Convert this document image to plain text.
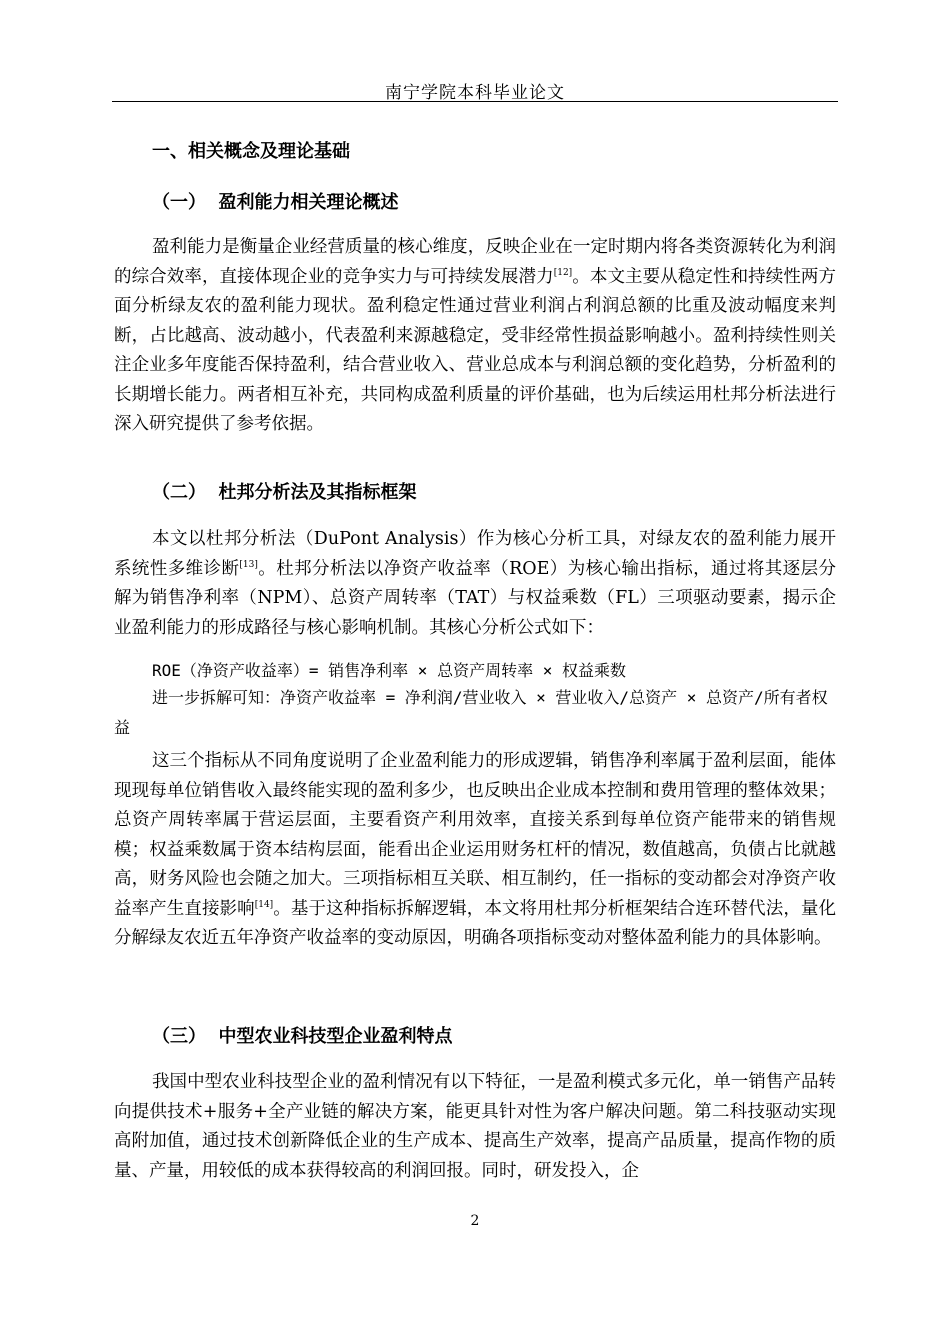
南宁学院本科毕业论文
一、相关概念及理论基础
（一）  盈利能力相关理论概述
盈利能力是衡量企业经营质量的核心维度，反映企业在一定时期内将各类资源转化为利润的综合效率，直接体现企业的竞争实力与可持续发展潜力[12]。本文主要从稳定性和持续性两方面分析绿友农的盈利能力现状。盈利稳定性通过营业利润占利润总额的比重及波动幅度来判断，占比越高、波动越小，代表盈利来源越稳定，受非经常性损益影响越小。盈利持续性则关注企业多年度能否保持盈利，结合营业收入、营业总成本与利润总额的变化趋势，分析盈利的长期增长能力。两者相互补充，共同构成盈利质量的评价基础，也为后续运用杜邦分析法进行深入研究提供了参考依据。
（二）  杜邦分析法及其指标框架
本文以杜邦分析法（DuPont Analysis）作为核心分析工具，对绿友农的盈利能力展开系统性多维诊断[13]。杜邦分析法以净资产收益率（ROE）为核心输出指标，通过将其逐层分解为销售净利率（NPM）、总资产周转率（TAT）与权益乘数（FL）三项驱动要素，揭示企业盈利能力的形成路径与核心影响机制。其核心分析公式如下：
ROE（净资产收益率）= 销售净利率 × 总资产周转率 × 权益乘数
进一步拆解可知：净资产收益率 = 净利润/营业收入 × 营业收入/总资产 × 总资产/所有者权益
这三个指标从不同角度说明了企业盈利能力的形成逻辑，销售净利率属于盈利层面，能体现现每单位销售收入最终能实现的盈利多少，也反映出企业成本控制和费用管理的整体效果；总资产周转率属于营运层面，主要看资产利用效率，直接关系到每单位资产能带来的销售规模；权益乘数属于资本结构层面，能看出企业运用财务杠杆的情况，数值越高，负债占比就越高，财务风险也会随之加大。三项指标相互关联、相互制约，任一指标的变动都会对净资产收益率产生直接影响[14]。基于这种指标拆解逻辑，本文将用杜邦分析框架结合连环替代法，量化分解绿友农近五年净资产收益率的变动原因，明确各项指标变动对整体盈利能力的具体影响。
（三）  中型农业科技型企业盈利特点
我国中型农业科技型企业的盈利情况有以下特征，一是盈利模式多元化，单一销售产品转向提供技术+服务+全产业链的解决方案，能更具针对性为客户解决问题。第二科技驱动实现高附加值，通过技术创新降低企业的生产成本、提高生产效率，提高产品质量，提高作物的质量、产量，用较低的成本获得较高的利润回报。同时，研发投入，企
2
